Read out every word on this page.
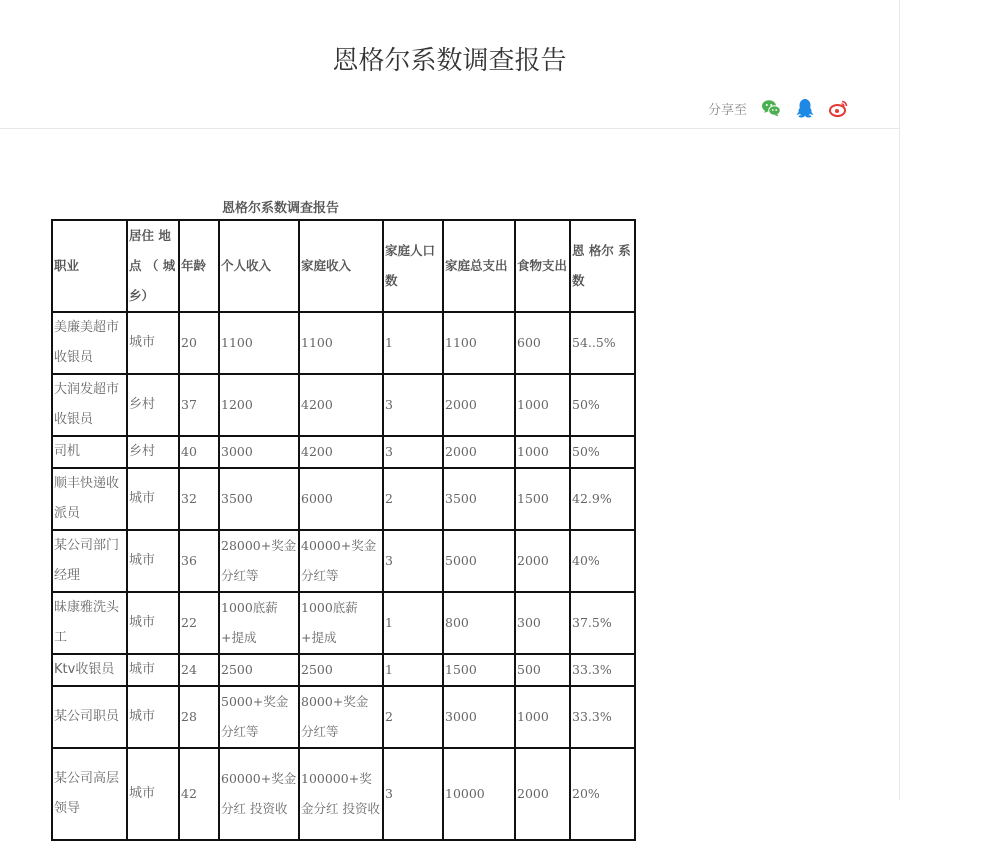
恩格尔系数调查报告
分享至
恩格尔系数调查报告
职业	居住 地点 （ 城乡）	年龄	个人收入	家庭收入	家庭人口数	家庭总支出	食物支出	恩 格尔 系数
美廉美超市收银员	城市	20	1100	1100	1	1100	600	54..5%
大润发超市收银员	乡村	37	1200	4200	3	2000	1000	50%
司机	乡村	40	3000	4200	3	2000	1000	50%
顺丰快递收派员	城市	32	3500	6000	2	3500	1500	42.9%
某公司部门经理	城市	36	28000+奖金分红等	40000+奖金分红等	3	5000	2000	40%
昧康雅洗头工	城市	22	1000底薪+提成	1000底薪 +提成	1	800	300	37.5%
Ktv收银员	城市	24	2500	2500	1	1500	500	33.3%
某公司职员	城市	28	5000+奖金分红等	8000+奖金 分红等	2	3000	1000	33.3%
某公司高层领导	城市	42	60000+奖金分红 投资收	100000+奖金分红 投资收	3	10000	2000	20%
